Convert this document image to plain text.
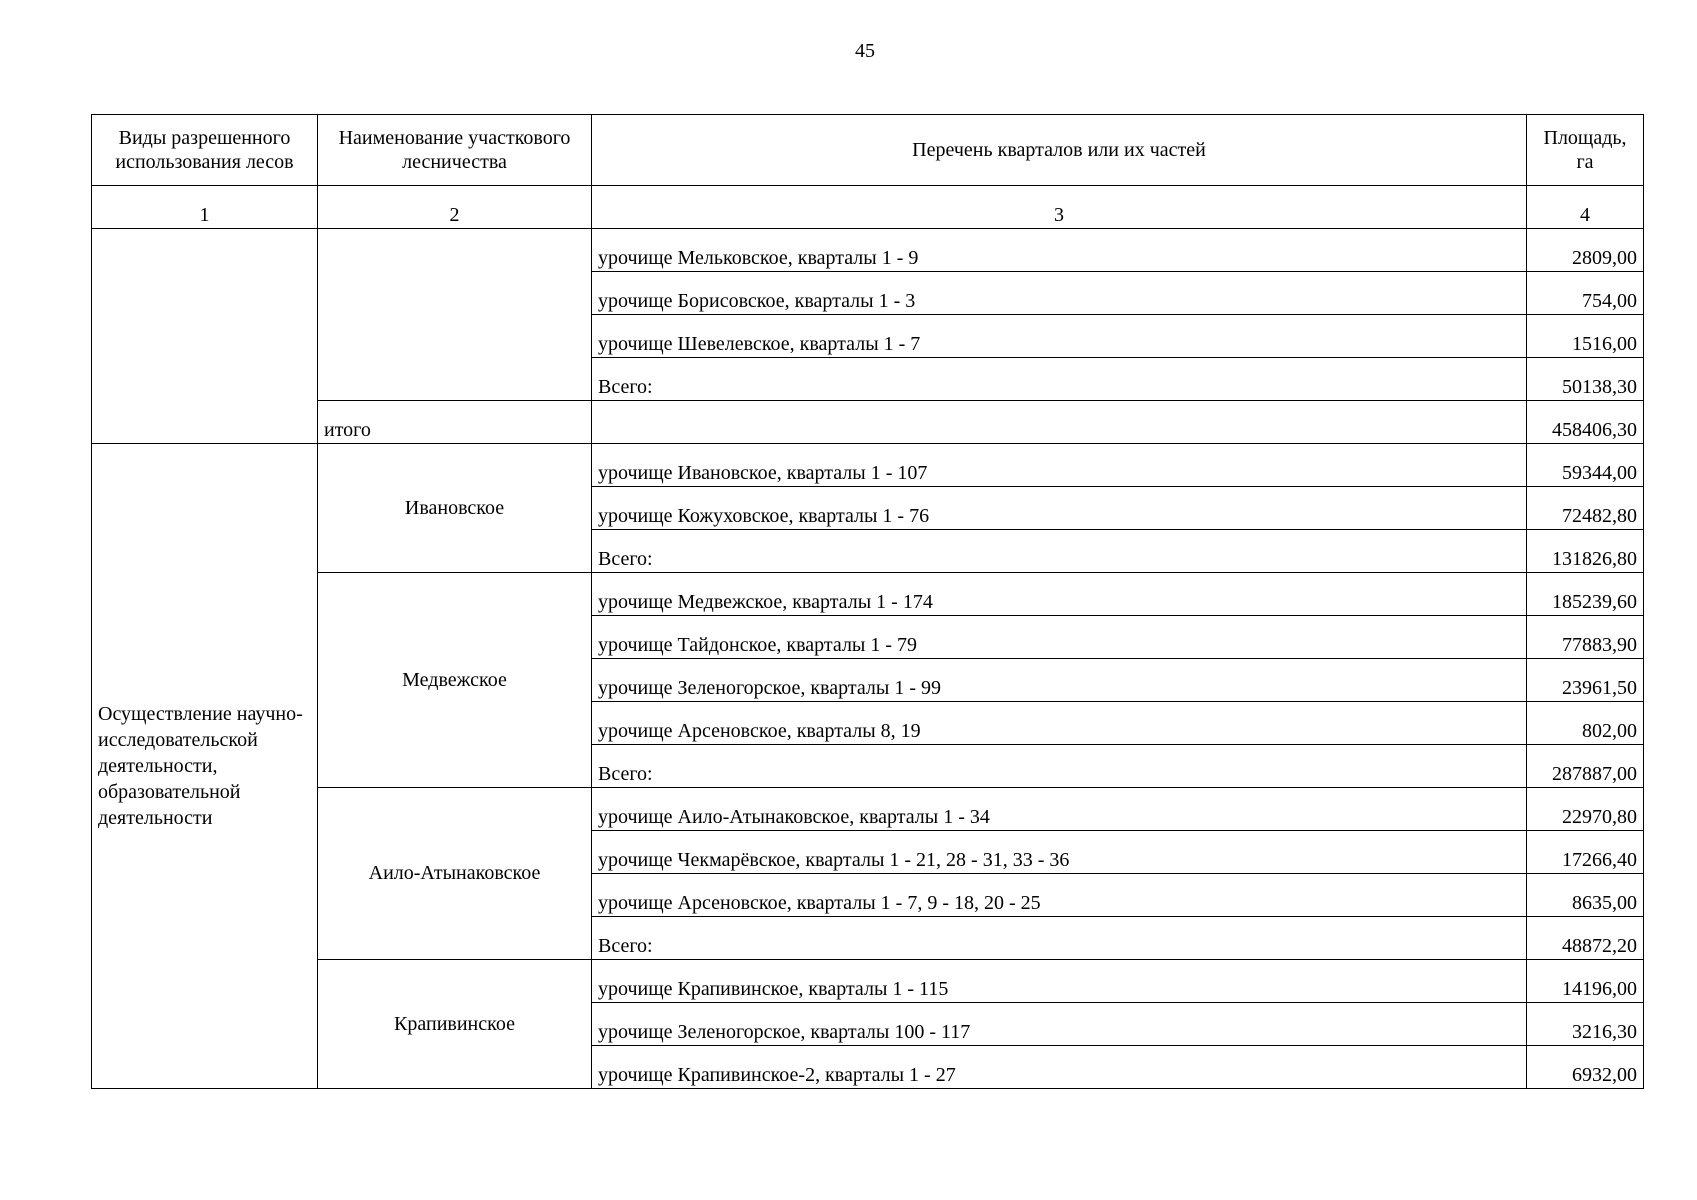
45
Виды разрешенного использования лесов	Наименование участкового лесничества	Перечень кварталов или их частей	Площадь, га
1	2	3	4
		урочище Мельковское, кварталы 1 - 9	2809,00
		урочище Борисовское, кварталы 1 - 3	754,00
		урочище Шевелевское, кварталы 1 - 7	1516,00
		Всего:	50138,30
	итого		458406,30
Осуществление научно-исследовательской деятельности, образовательной деятельности	Ивановское	урочище Ивановское, кварталы 1 - 107	59344,00
		урочище Кожуховское, кварталы 1 - 76	72482,80
		Всего:	131826,80
	Медвежское	урочище Медвежское, кварталы 1 - 174	185239,60
		урочище Тайдонское, кварталы 1 - 79	77883,90
		урочище Зеленогорское, кварталы 1 - 99	23961,50
		урочище Арсеновское, кварталы 8, 19	802,00
		Всего:	287887,00
	Аило-Атынаковское	урочище Аило-Атынаковское, кварталы 1 - 34	22970,80
		урочище Чекмарёвское, кварталы 1 - 21, 28 - 31, 33 - 36	17266,40
		урочище Арсеновское, кварталы 1 - 7, 9 - 18, 20 - 25	8635,00
		Всего:	48872,20
	Крапивинское	урочище Крапивинское, кварталы 1 - 115	14196,00
		урочище Зеленогорское, кварталы 100 - 117	3216,30
		урочище Крапивинское-2, кварталы 1 - 27	6932,00
